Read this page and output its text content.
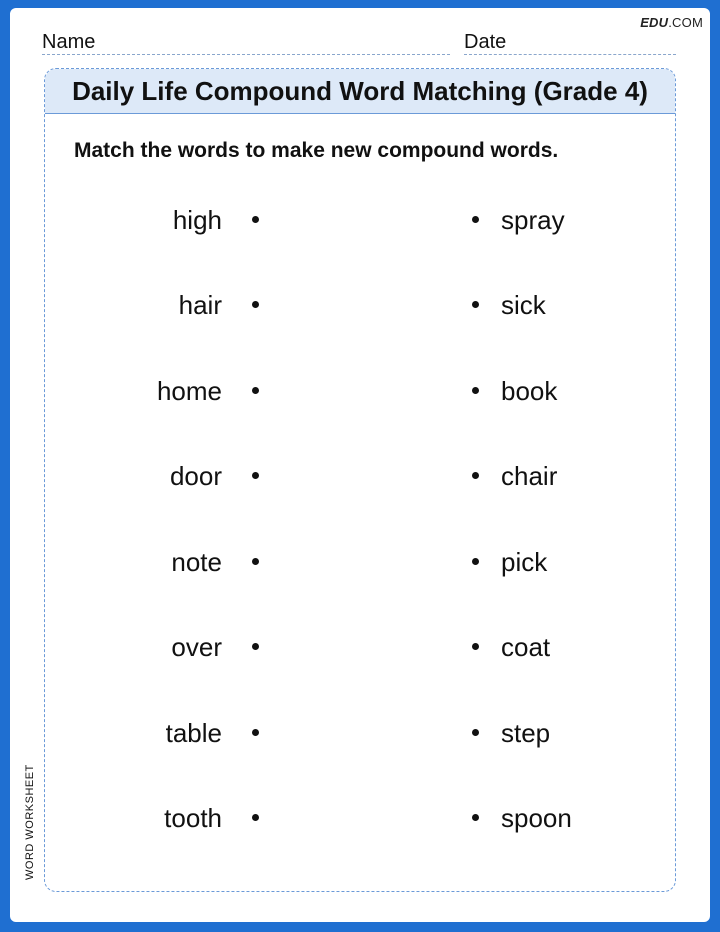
EDU.COM
Name	Date
Daily Life Compound Word Matching (Grade 4)
Match the words to make new compound words.
high	spray
hair	sick
home	book
door	chair
note	pick
over	coat
table	step
tooth	spoon
WORD WORKSHEET
